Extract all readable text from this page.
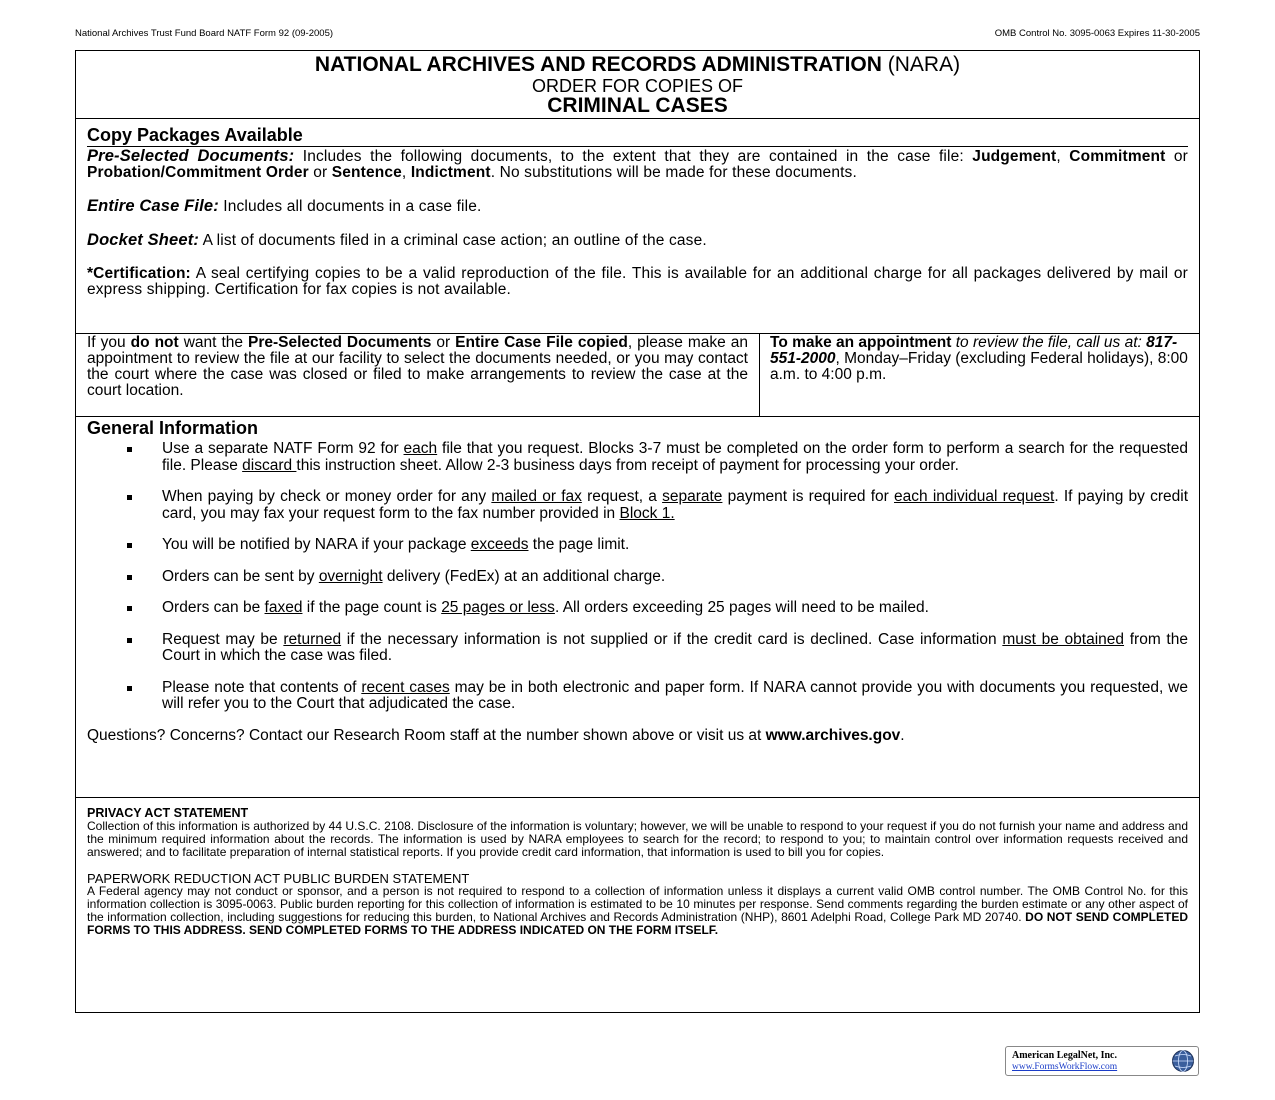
National Archives Trust Fund Board NATF Form 92 (09-2005)	OMB Control No. 3095-0063 Expires 11-30-2005
NATIONAL ARCHIVES AND RECORDS ADMINISTRATION (NARA)
ORDER FOR COPIES OF
CRIMINAL CASES
Copy Packages Available

Pre-Selected Documents: Includes the following documents, to the extent that they are contained in the case file: Judgement, Commitment or Probation/Commitment Order or Sentence, Indictment. No substitutions will be made for these documents.

Entire Case File: Includes all documents in a case file.

Docket Sheet: A list of documents filed in a criminal case action; an outline of the case.

*Certification: A seal certifying copies to be a valid reproduction of the file. This is available for an additional charge for all packages delivered by mail or express shipping. Certification for fax copies is not available.

If you do not want the Pre-Selected Documents or Entire Case File copied, please make an appointment to review the file at our facility to select the documents needed, or you may contact the court where the case was closed or filed to make arrangements to review the case at the court location.
To make an appointment to review the file, call us at: 817-551-2000, Monday–Friday (excluding Federal holidays), 8:00 a.m. to 4:00 p.m.
General Information
Use a separate NATF Form 92 for each file that you request. Blocks 3-7 must be completed on the order form to perform a search for the requested file. Please discard this instruction sheet. Allow 2-3 business days from receipt of payment for processing your order.
When paying by check or money order for any mailed or fax request, a separate payment is required for each individual request. If paying by credit card, you may fax your request form to the fax number provided in Block 1.
You will be notified by NARA if your package exceeds the page limit.
Orders can be sent by overnight delivery (FedEx) at an additional charge.
Orders can be faxed if the page count is 25 pages or less. All orders exceeding 25 pages will need to be mailed.
Request may be returned if the necessary information is not supplied or if the credit card is declined. Case information must be obtained from the Court in which the case was filed.
Please note that contents of recent cases may be in both electronic and paper form. If NARA cannot provide you with documents you requested, we will refer you to the Court that adjudicated the case.
Questions? Concerns? Contact our Research Room staff at the number shown above or visit us at www.archives.gov.
PRIVACY ACT STATEMENT

Collection of this information is authorized by 44 U.S.C. 2108. Disclosure of the information is voluntary; however, we will be unable to respond to your request if you do not furnish your name and address and the minimum required information about the records. The information is used by NARA employees to search for the record; to respond to you; to maintain control over information requests received and answered; and to facilitate preparation of internal statistical reports. If you provide credit card information, that information is used to bill you for copies.

PAPERWORK REDUCTION ACT PUBLIC BURDEN STATEMENT

A Federal agency may not conduct or sponsor, and a person is not required to respond to a collection of information unless it displays a current valid OMB control number. The OMB Control No. for this information collection is 3095-0063. Public burden reporting for this collection of information is estimated to be 10 minutes per response. Send comments regarding the burden estimate or any other aspect of the information collection, including suggestions for reducing this burden, to National Archives and Records Administration (NHP), 8601 Adelphi Road, College Park MD 20740. DO NOT SEND COMPLETED FORMS TO THIS ADDRESS. SEND COMPLETED FORMS TO THE ADDRESS INDICATED ON THE FORM ITSELF.

American LegalNet, Inc.
www.FormsWorkFlow.com
